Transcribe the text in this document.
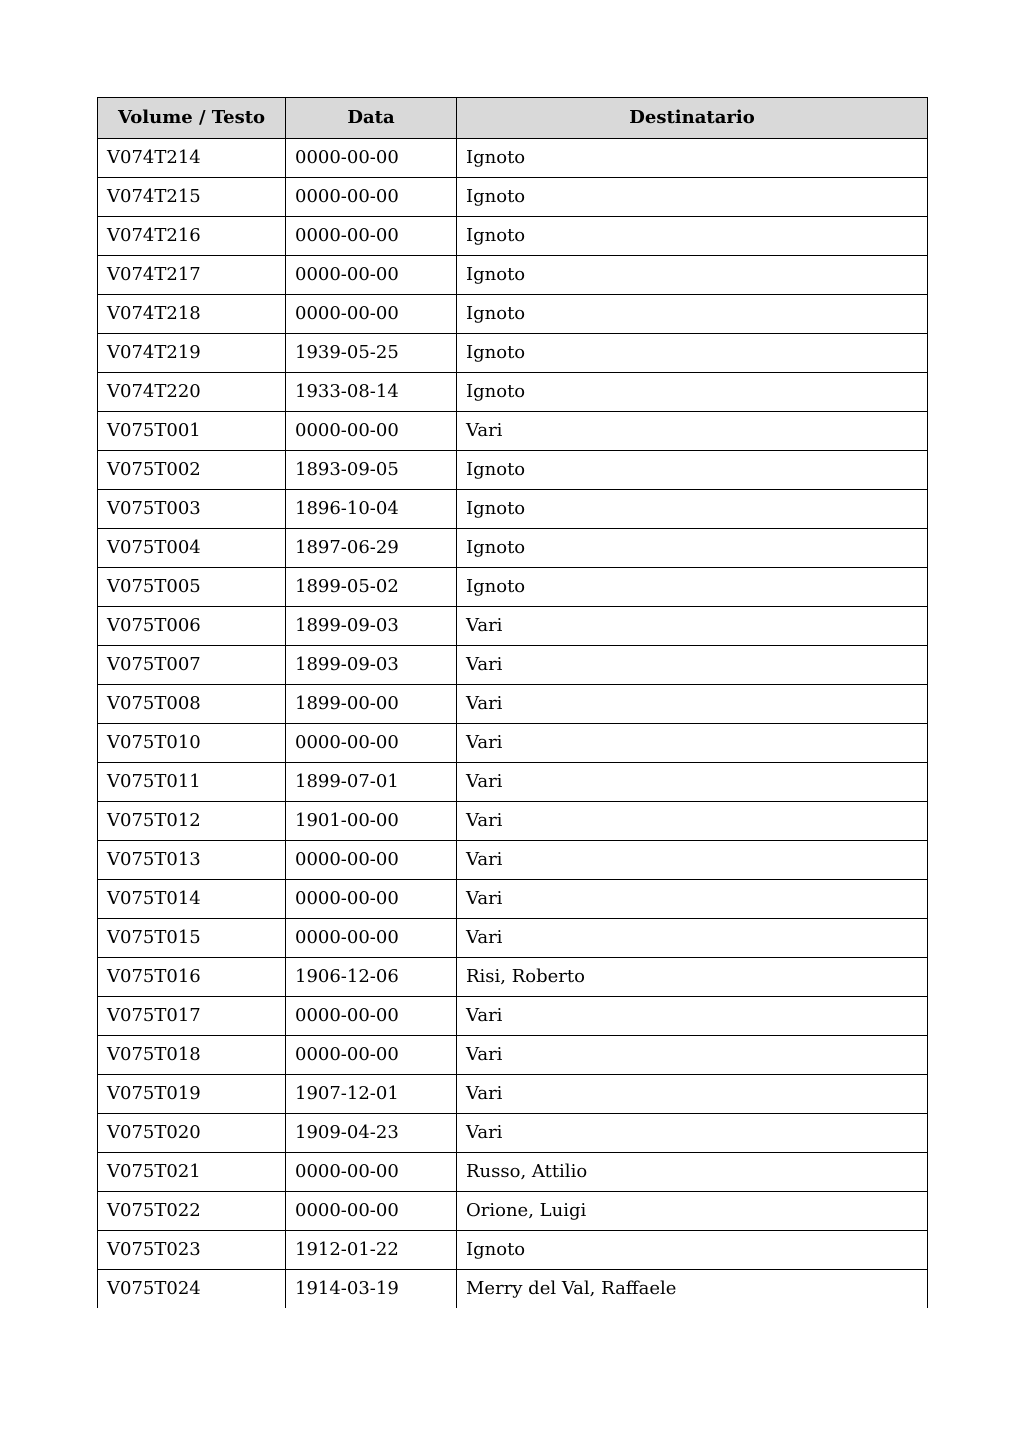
Volume / Testo	Data	Destinatario
V074T214	0000-00-00	Ignoto
V074T215	0000-00-00	Ignoto
V074T216	0000-00-00	Ignoto
V074T217	0000-00-00	Ignoto
V074T218	0000-00-00	Ignoto
V074T219	1939-05-25	Ignoto
V074T220	1933-08-14	Ignoto
V075T001	0000-00-00	Vari
V075T002	1893-09-05	Ignoto
V075T003	1896-10-04	Ignoto
V075T004	1897-06-29	Ignoto
V075T005	1899-05-02	Ignoto
V075T006	1899-09-03	Vari
V075T007	1899-09-03	Vari
V075T008	1899-00-00	Vari
V075T010	0000-00-00	Vari
V075T011	1899-07-01	Vari
V075T012	1901-00-00	Vari
V075T013	0000-00-00	Vari
V075T014	0000-00-00	Vari
V075T015	0000-00-00	Vari
V075T016	1906-12-06	Risi, Roberto
V075T017	0000-00-00	Vari
V075T018	0000-00-00	Vari
V075T019	1907-12-01	Vari
V075T020	1909-04-23	Vari
V075T021	0000-00-00	Russo, Attilio
V075T022	0000-00-00	Orione, Luigi
V075T023	1912-01-22	Ignoto
V075T024	1914-03-19	Merry del Val, Raffaele
